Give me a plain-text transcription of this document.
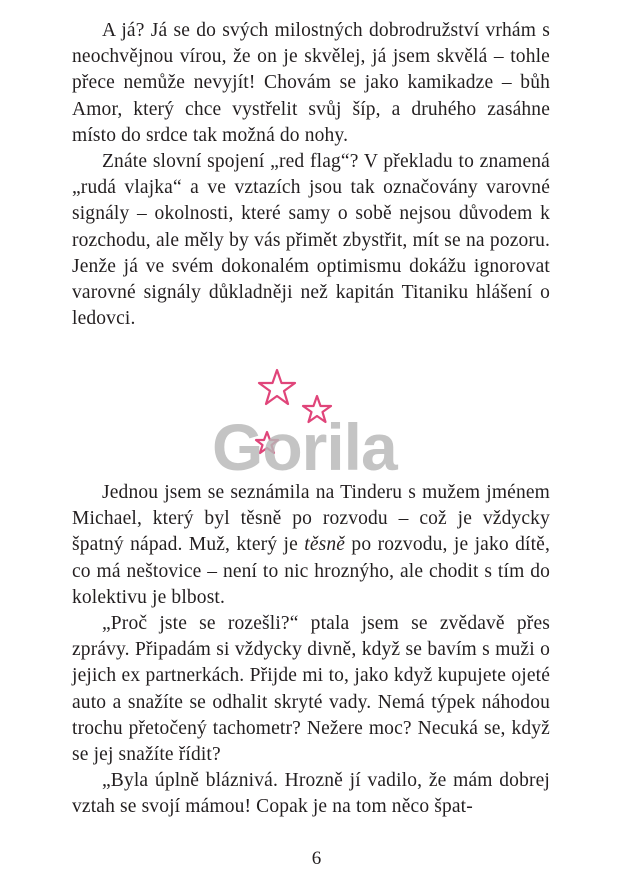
A já? Já se do svých milostných dobrodružství vrhám s neochvějnou vírou, že on je skvělej, já jsem skvělá – tohle přece nemůže nevyjít! Chovám se jako kamikadze – bůh Amor, který chce vystřelit svůj šíp, a druhého zasáhne místo do srdce tak možná do nohy.

Znáte slovní spojení „red flag“? V překladu to znamená „rudá vlajka“ a ve vztazích jsou tak označovány varovné signály – okolnosti, které samy o sobě nejsou důvodem k rozchodu, ale měly by vás přimět zbystřit, mít se na pozoru. Jenže já ve svém dokonalém optimismu dokážu ignorovat varovné signály důkladněji než kapitán Titaniku hlášení o ledovci.

Gorila

Jednou jsem se seznámila na Tinderu s mužem jménem Michael, který byl těsně po rozvodu – což je vždycky špatný nápad. Muž, který je těsně po rozvodu, je jako dítě, co má neštovice – není to nic hroznýho, ale chodit s tím do kolektivu je blbost.

„Proč jste se rozešli?“ ptala jsem se zvědavě přes zprávy. Připadám si vždycky divně, když se bavím s muži o jejich ex partnerkách. Přijde mi to, jako když kupujete ojeté auto a snažíte se odhalit skryté vady. Nemá týpek náhodou trochu přetočený tachometr? Nežere moc? Necuká se, když se jej snažíte řídit?

„Byla úplně bláznivá. Hrozně jí vadilo, že mám dobrej vztah se svojí mámou! Copak je na tom něco špat-

6
